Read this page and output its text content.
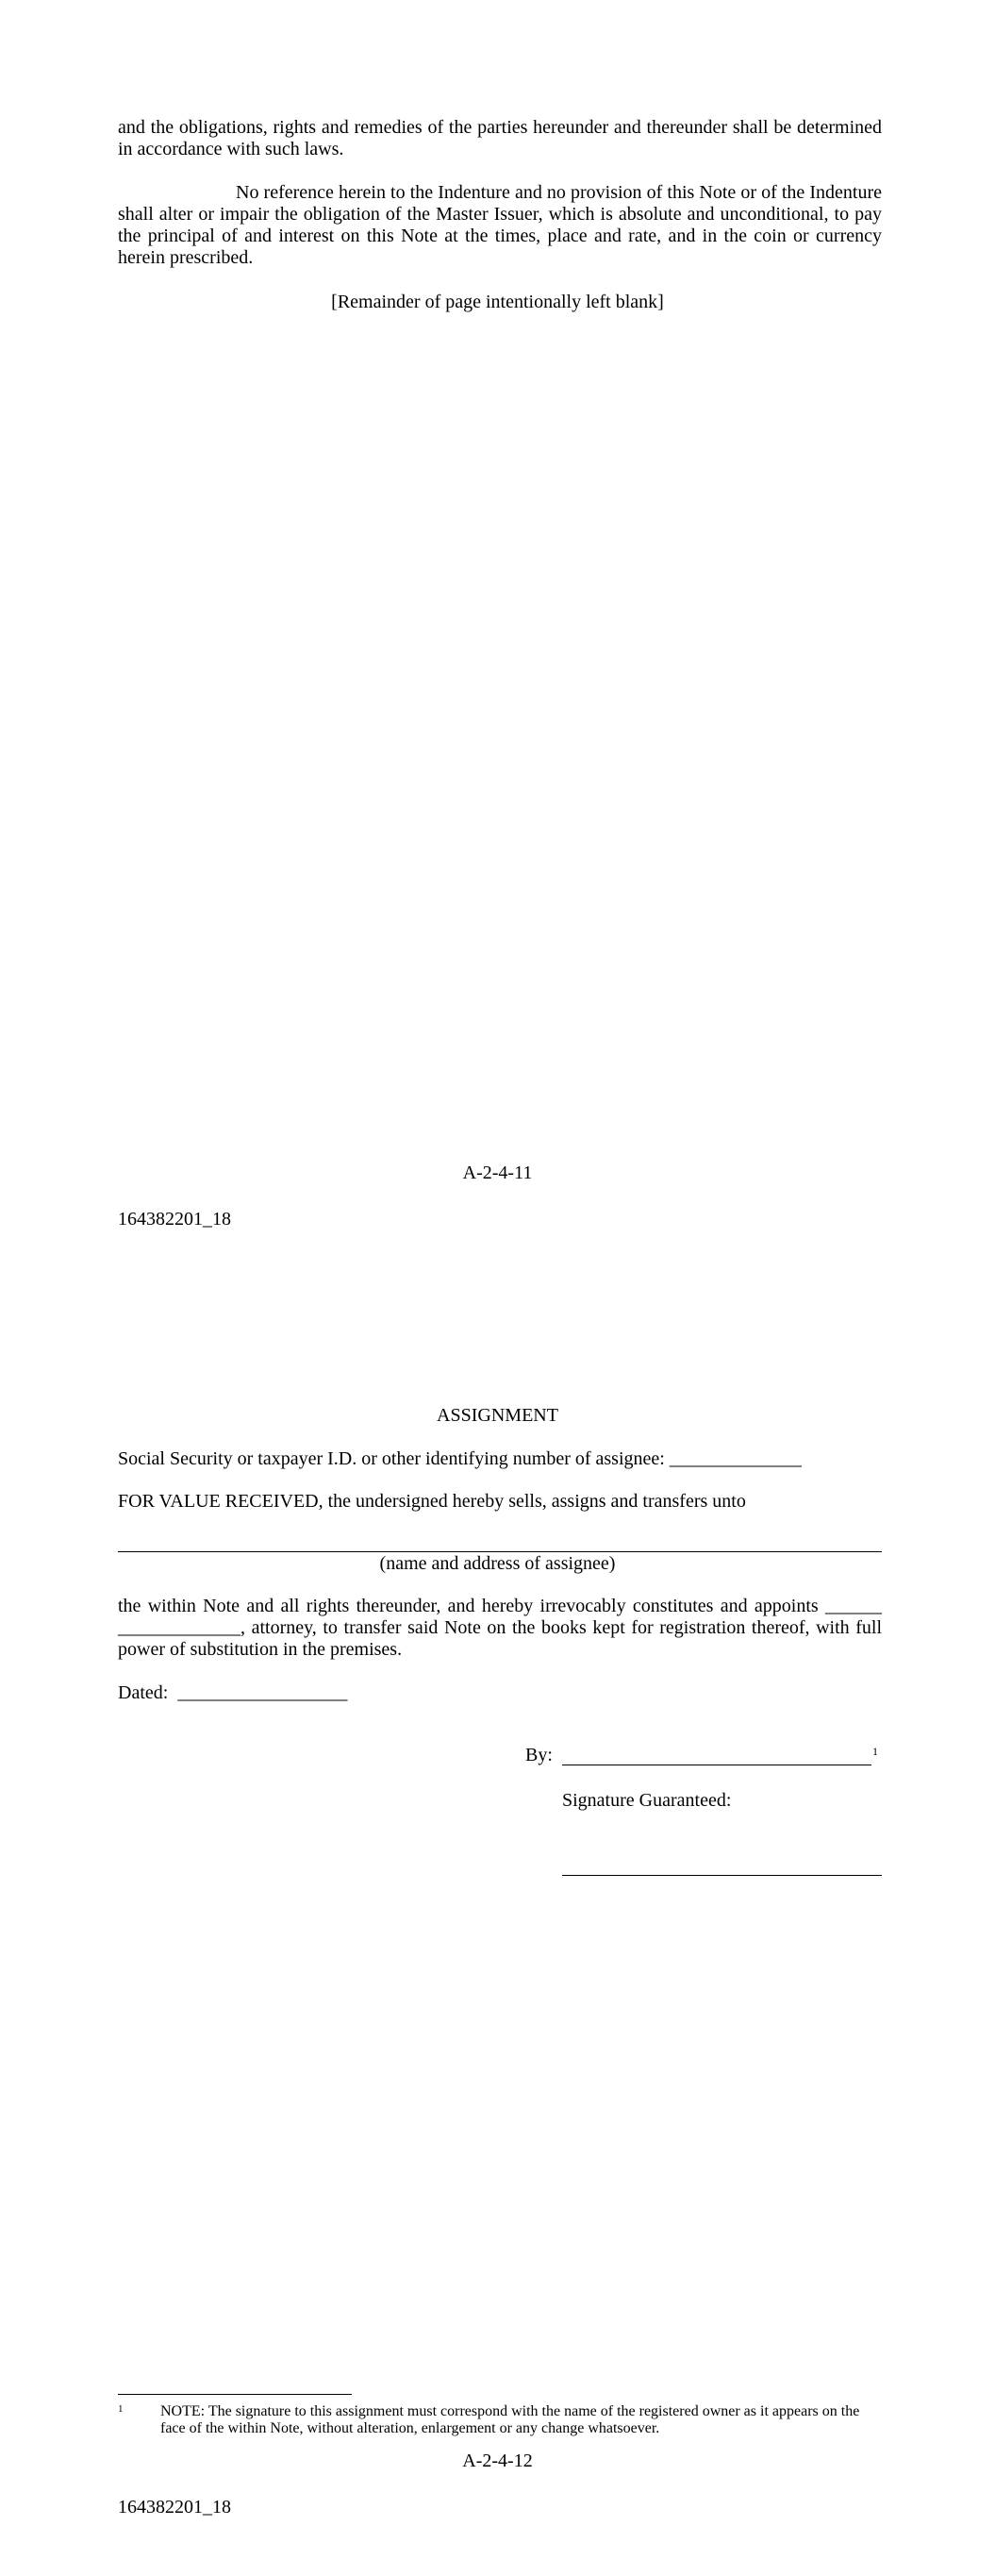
and the obligations, rights and remedies of the parties hereunder and thereunder shall be determined in accordance with such laws.

No reference herein to the Indenture and no provision of this Note or of the Indenture shall alter or impair the obligation of the Master Issuer, which is absolute and unconditional, to pay the principal of and interest on this Note at the times, place and rate, and in the coin or currency herein prescribed.

[Remainder of page intentionally left blank]

A-2-4-11

164382201_18

ASSIGNMENT

Social Security or taxpayer I.D. or other identifying number of assignee: ______________

FOR VALUE RECEIVED, the undersigned hereby sells, assigns and transfers unto

(name and address of assignee)

the within Note and all rights thereunder, and hereby irrevocably constitutes and appoints ______ _____________, attorney, to transfer said Note on the books kept for registration thereof, with full power of substitution in the premises.

Dated: __________________

By:	1

Signature Guaranteed:

1 NOTE: The signature to this assignment must correspond with the name of the registered owner as it appears on the face of the within Note, without alteration, enlargement or any change whatsoever.

A-2-4-12

164382201_18
